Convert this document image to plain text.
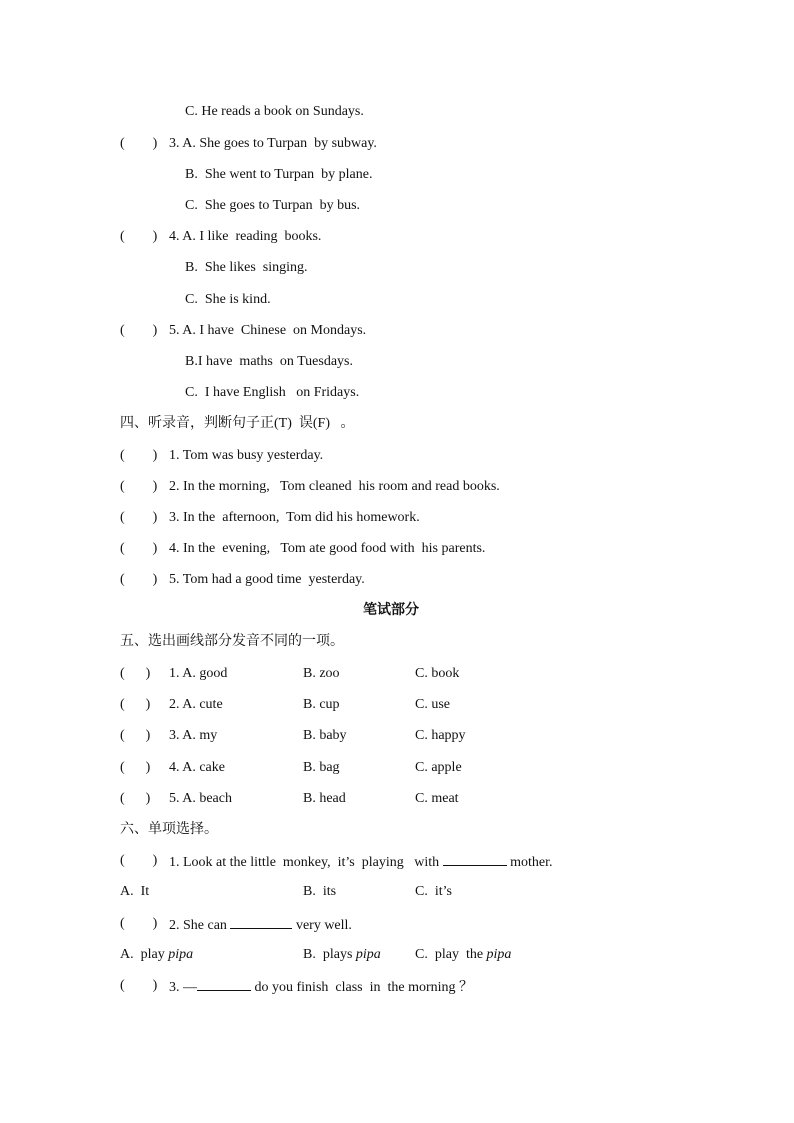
C. He reads a book on Sundays.
(        ) 3. A. She goes to Turpan  by subway.
B.  She went to Turpan  by plane.
C.  She goes to Turpan  by bus.
(        ) 4. A. I like  reading  books.
B.  She likes  singing.
C.  She is kind.
(        ) 5. A. I have  Chinese  on Mondays.
B.I have  maths  on Tuesdays.
C.  I have English   on Fridays.
四、听录音，判断句子正(T)  误(F)   。
(        ) 1. Tom was busy yesterday.
(        ) 2. In the morning,   Tom cleaned  his room and read books.
(        ) 3. In the  afternoon,  Tom did his homework.
(        ) 4. In the  evening,   Tom ate good food with  his parents.
(        ) 5. Tom had a good time  yesterday.
笔试部分
五、选出画线部分发音不同的一项。
(      ) 1. A. good	B. zoo	C. book
(      ) 2. A. cute	B. cup	C. use
(      ) 3. A. my	B. baby	C. happy
(      ) 4. A. cake	B. bag	C. apple
(      ) 5. A. beach	B. head	C. meat
六、单项选择。
(        ) 1. Look at the little  monkey,  it’s  playing   with	mother.
A.  It	B.  its	C.  it’s
(        ) 2. She can	very well.
A.  play pipa	B.  plays pipa C.  play  the pipa
(        ) 3. —	do you finish  class  in  the morning ？
